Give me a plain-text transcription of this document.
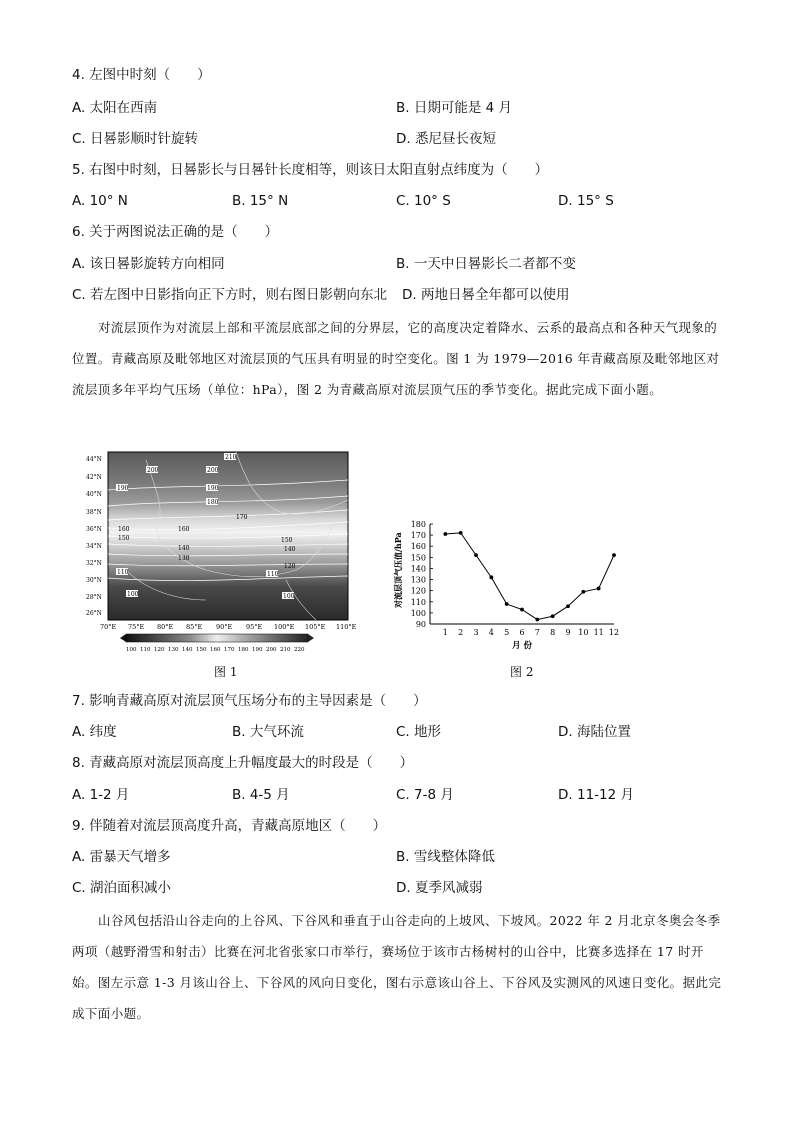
4. 左图中时刻（　　）
A. 太阳在西南	B. 日期可能是 4 月
C. 日晷影顺时针旋转	D. 悉尼昼长夜短
5. 右图中时刻，日晷影长与日晷针长度相等，则该日太阳直射点纬度为（　　）
A. 10° N	B. 15° N	C. 10° S	D. 15° S
6. 关于两图说法正确的是（　　）
A. 该日晷影旋转方向相同	B. 一天中日晷影长二者都不变
C. 若左图中日影指向正下方时，则右图日影朝向东北 D. 两地日晷全年都可以使用
对流层顶作为对流层上部和平流层底部之间的分界层，它的高度决定着降水、云系的最高点和各种天气现象的位置。青藏高原及毗邻地区对流层顶的气压具有明显的时空变化。图 1 为 1979—2016 年青藏高原及毗邻地区对流层顶多年平均气压场（单位：hPa），图 2 为青藏高原对流层顶气压的季节变化。据此完成下面小题。
210
200	200
190	190
180
170
160	160
150	150
140	140
130
120
110	110
100	100
44°N
42°N
40°N
38°N
36°N
34°N
32°N
30°N
28°N
26°N
70°E 75°E 80°E 85°E 90°E 95°E 100°E 105°E 110°E
100 110 120 130 140 150 160 170 180 190 200 210 220
图 1
90
100
110
120
130
140
150
160
170
180
1 2 3 4 5 6 7 8 9 10 11 12
对流层顶气压值/hPa
月 份
图 2
7. 影响青藏高原对流层顶气压场分布的主导因素是（　　）
A. 纬度	B. 大气环流	C. 地形	D. 海陆位置
8. 青藏高原对流层顶高度上升幅度最大的时段是（　　）
A. 1-2 月	B. 4-5 月	C. 7-8 月	D. 11-12 月
9. 伴随着对流层顶高度升高，青藏高原地区（　　）
A. 雷暴天气增多	B. 雪线整体降低
C. 湖泊面积减小	D. 夏季风减弱
山谷风包括沿山谷走向的上谷风、下谷风和垂直于山谷走向的上坡风、下坡风。2022 年 2 月北京冬奥会冬季两项（越野滑雪和射击）比赛在河北省张家口市举行，赛场位于该市古杨树村的山谷中，比赛多选择在 17 时开始。图左示意 1-3 月该山谷上、下谷风的风向日变化，图右示意该山谷上、下谷风及实测风的风速日变化。据此完成下面小题。
